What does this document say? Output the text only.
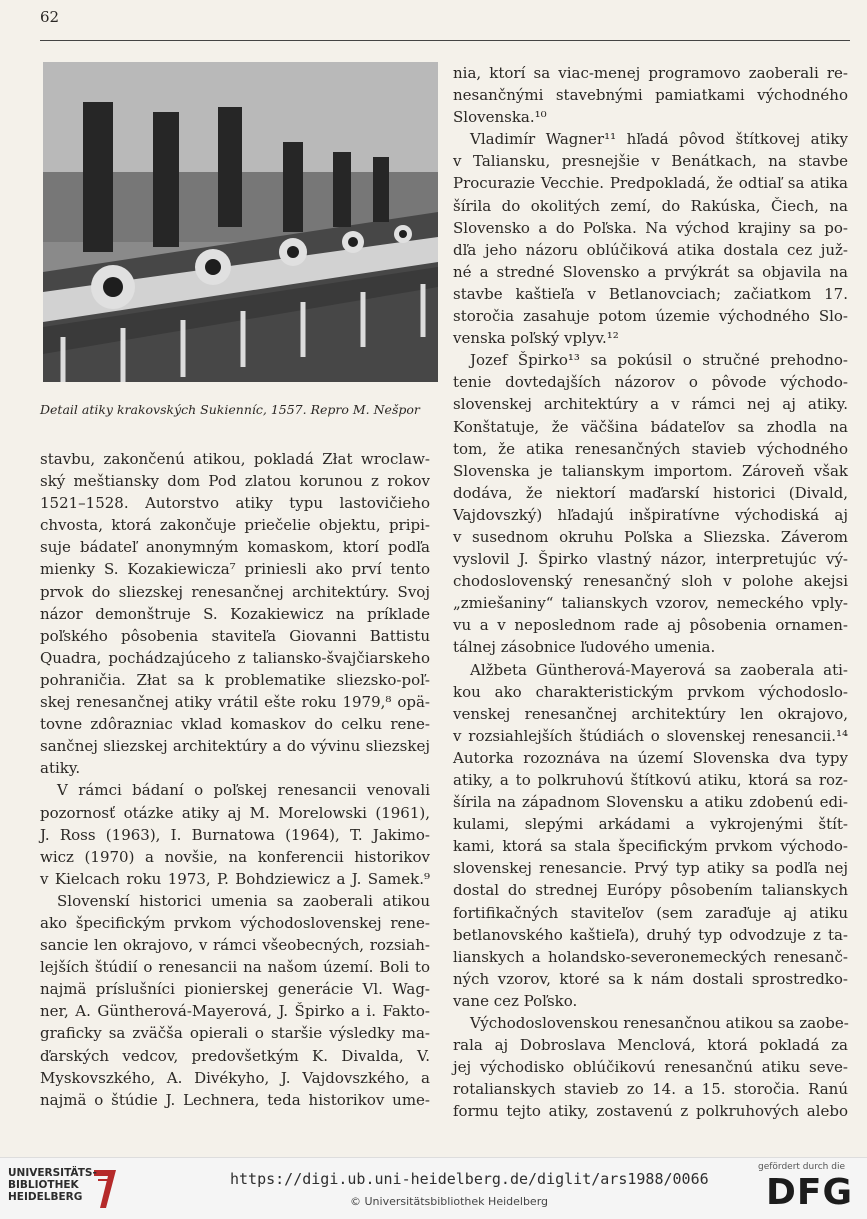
62
Detail atiky krakovských Sukienníc, 1557. Repro M. Nešpor
stavbu, zakončenú atikou, pokladá Złat wroclaw-
ský meštiansky dom Pod zlatou korunou z rokov
1521–1528. Autorstvo atiky typu lastovičieho
chvosta, ktorá zakončuje priečelie objektu, pripi-
suje bádateľ anonymným komaskom, ktorí podľa
mienky S. Kozakiewicza⁷ priniesli ako prví tento
prvok do sliezskej renesančnej architektúry. Svoj
názor demonštruje S. Kozakiewicz na príklade
poľského pôsobenia staviteľa Giovanni Battistu
Quadra, pochádzajúceho z taliansko-švajčiarskeho
pohraničia. Złat sa k problematike sliezsko-poľ-
skej renesančnej atiky vrátil ešte roku 1979,⁸ opä-
tovne zdôrazniac vklad komaskov do celku rene-
sančnej sliezskej architektúry a do vývinu sliezskej
atiky.
V rámci bádaní o poľskej renesancii venovali
pozornosť otázke atiky aj M. Morelowski (1961),
J. Ross (1963), I. Burnatowa (1964), T. Jakimo-
wicz (1970) a novšie, na konferencii historikov
v Kielcach roku 1973, P. Bohdziewicz a J. Samek.⁹
Slovenskí historici umenia sa zaoberali atikou
ako špecifickým prvkom východoslovenskej rene-
sancie len okrajovo, v rámci všeobecných, rozsiah-
lejších štúdií o renesancii na našom území. Boli to
najmä príslušníci pionierskej generácie Vl. Wag-
ner, A. Güntherová-Mayerová, J. Špirko a i. Fakto-
graficky sa zväčša opierali o staršie výsledky ma-
ďarských vedcov, predovšetkým K. Divalda, V.
Myskovszkého, A. Divékyho, J. Vajdovszkého, a
najmä o štúdie J. Lechnera, teda historikov ume-
nia, ktorí sa viac-menej programovo zaoberali re-
nesančnými stavebnými pamiatkami východného
Slovenska.¹⁰
Vladimír Wagner¹¹ hľadá pôvod štítkovej atiky
v Taliansku, presnejšie v Benátkach, na stavbe
Procurazie Vecchie. Predpokladá, že odtiaľ sa atika
šírila do okolitých zemí, do Rakúska, Čiech, na
Slovensko a do Poľska. Na východ krajiny sa po-
dľa jeho názoru oblúčiková atika dostala cez juž-
né a stredné Slovensko a prvýkrát sa objavila na
stavbe kaštieľa v Betlanovciach; začiatkom 17.
storočia zasahuje potom územie východného Slo-
venska poľský vplyv.¹²
Jozef Špirko¹³ sa pokúsil o stručné prehodno-
tenie dovtedajších názorov o pôvode východo-
slovenskej architektúry a v rámci nej aj atiky.
Konštatuje, že väčšina bádateľov sa zhodla na
tom, že atika renesančných stavieb východného
Slovenska je talianskym importom. Zároveň však
dodáva, že niektorí maďarskí historici (Divald,
Vajdovszký) hľadajú inšpiratívne východiská aj
v susednom okruhu Poľska a Sliezska. Záverom
vyslovil J. Špirko vlastný názor, interpretujúc vý-
chodoslovenský renesančný sloh v polohe akejsi
„zmiešaniny“ talianskych vzorov, nemeckého vply-
vu a v neposlednom rade aj pôsobenia ornamen-
tálnej zásobnice ľudového umenia.
Alžbeta Güntherová-Mayerová sa zaoberala ati-
kou ako charakteristickým prvkom východoslo-
venskej renesančnej architektúry len okrajovo,
v rozsiahlejších štúdiách o slovenskej renesancii.¹⁴
Autorka rozoznáva na území Slovenska dva typy
atiky, a to polkruhovú štítkovú atiku, ktorá sa roz-
šírila na západnom Slovensku a atiku zdobenú edi-
kulami, slepými arkádami a vykrojenými štít-
kami, ktorá sa stala špecifickým prvkom východo-
slovenskej renesancie. Prvý typ atiky sa podľa nej
dostal do strednej Európy pôsobením talianskych
fortifikačných staviteľov (sem zaraďuje aj atiku
betlanovského kaštieľa), druhý typ odvodzuje z ta-
lianskych a holandsko-severonemeckých renesanč-
ných vzorov, ktoré sa k nám dostali sprostredko-
vane cez Poľsko.
Východoslovenskou renesančnou atikou sa zaobe-
rala aj Dobroslava Menclová, ktorá pokladá za
jej východisko oblúčikovú renesančnú atiku seve-
rotalianskych stavieb zo 14. a 15. storočia. Ranú
formu tejto atiky, zostavenú z polkruhových alebo
UNIVERSITÄTS-
BIBLIOTHEK
HEIDELBERG
https://digi.ub.uni-heidelberg.de/diglit/ars1988/0066
© Universitätsbibliothek Heidelberg
gefördert durch die
DFG
